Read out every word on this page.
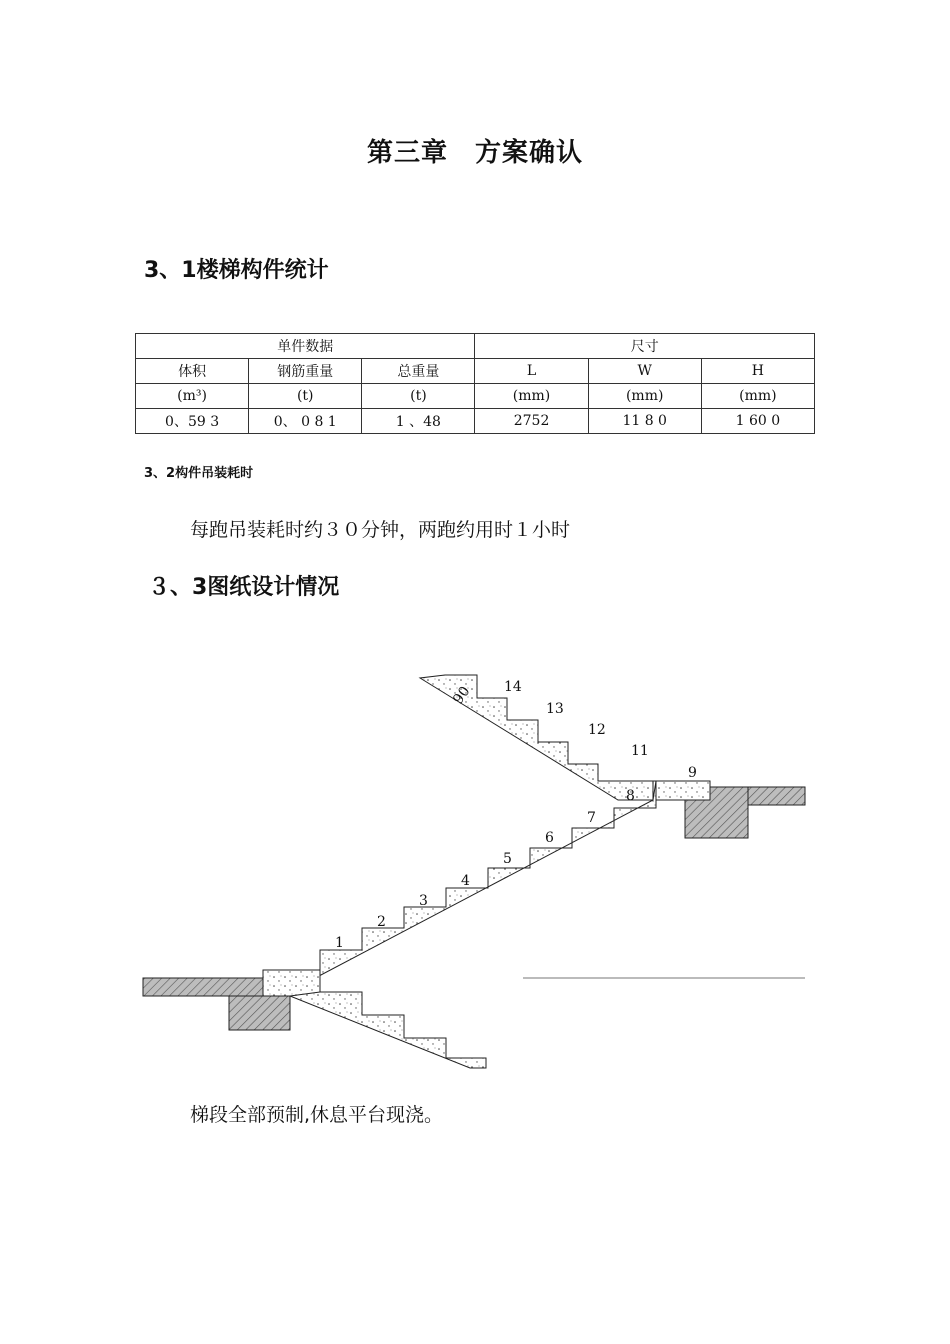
第三章　方案确认
3、1楼梯构件统计
单件数据			尺寸		
体积	钢筋重量	总重量	L	W	H
(m³)	(t)	(t)	(mm)	(mm)	(mm)
0、59 3	0、 0 8 1	1 、48	2752	11 8 0	1 60 0
3、2构件吊装耗时
每跑吊装耗时约３０分钟，两跑约用时１小时
３、3图纸设计情况
1
2
3
4
5
6
7
8
9
11
12
13
14
90
梯段全部预制,休息平台现浇。
